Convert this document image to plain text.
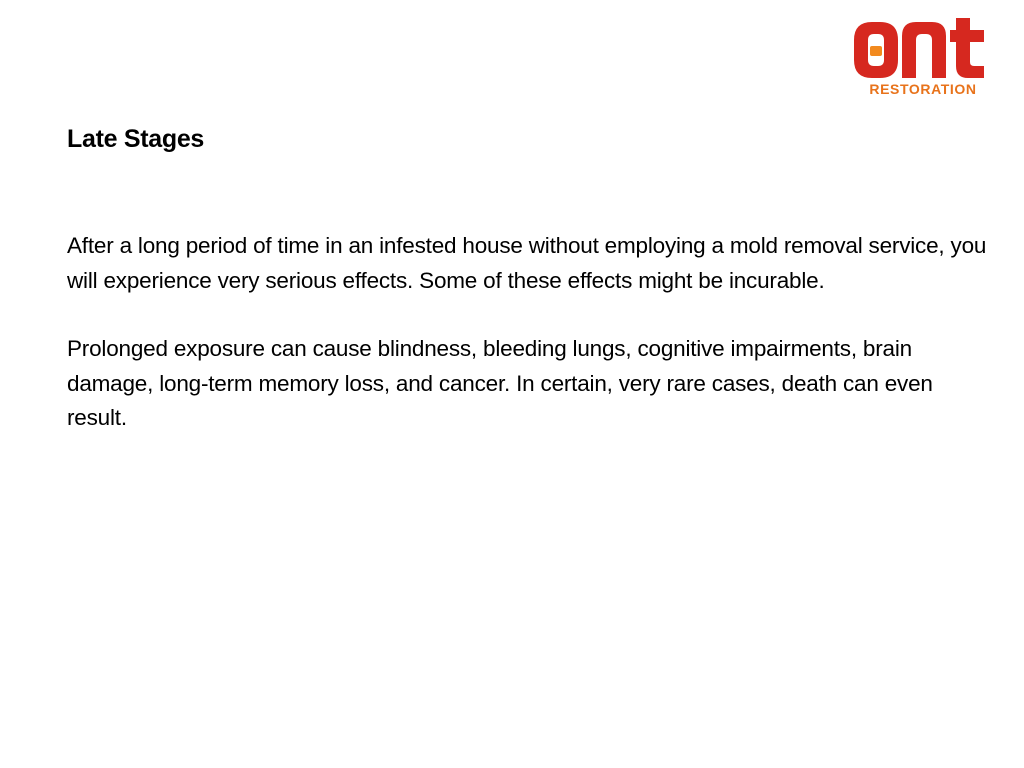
RESTORATION
Late Stages

After a long period of time in an infested house without employing a mold removal service, you will experience very serious effects. Some of these effects might be incurable.

Prolonged exposure can cause blindness, bleeding lungs, cognitive impairments, brain damage, long-term memory loss, and cancer. In certain, very rare cases, death can even result.
